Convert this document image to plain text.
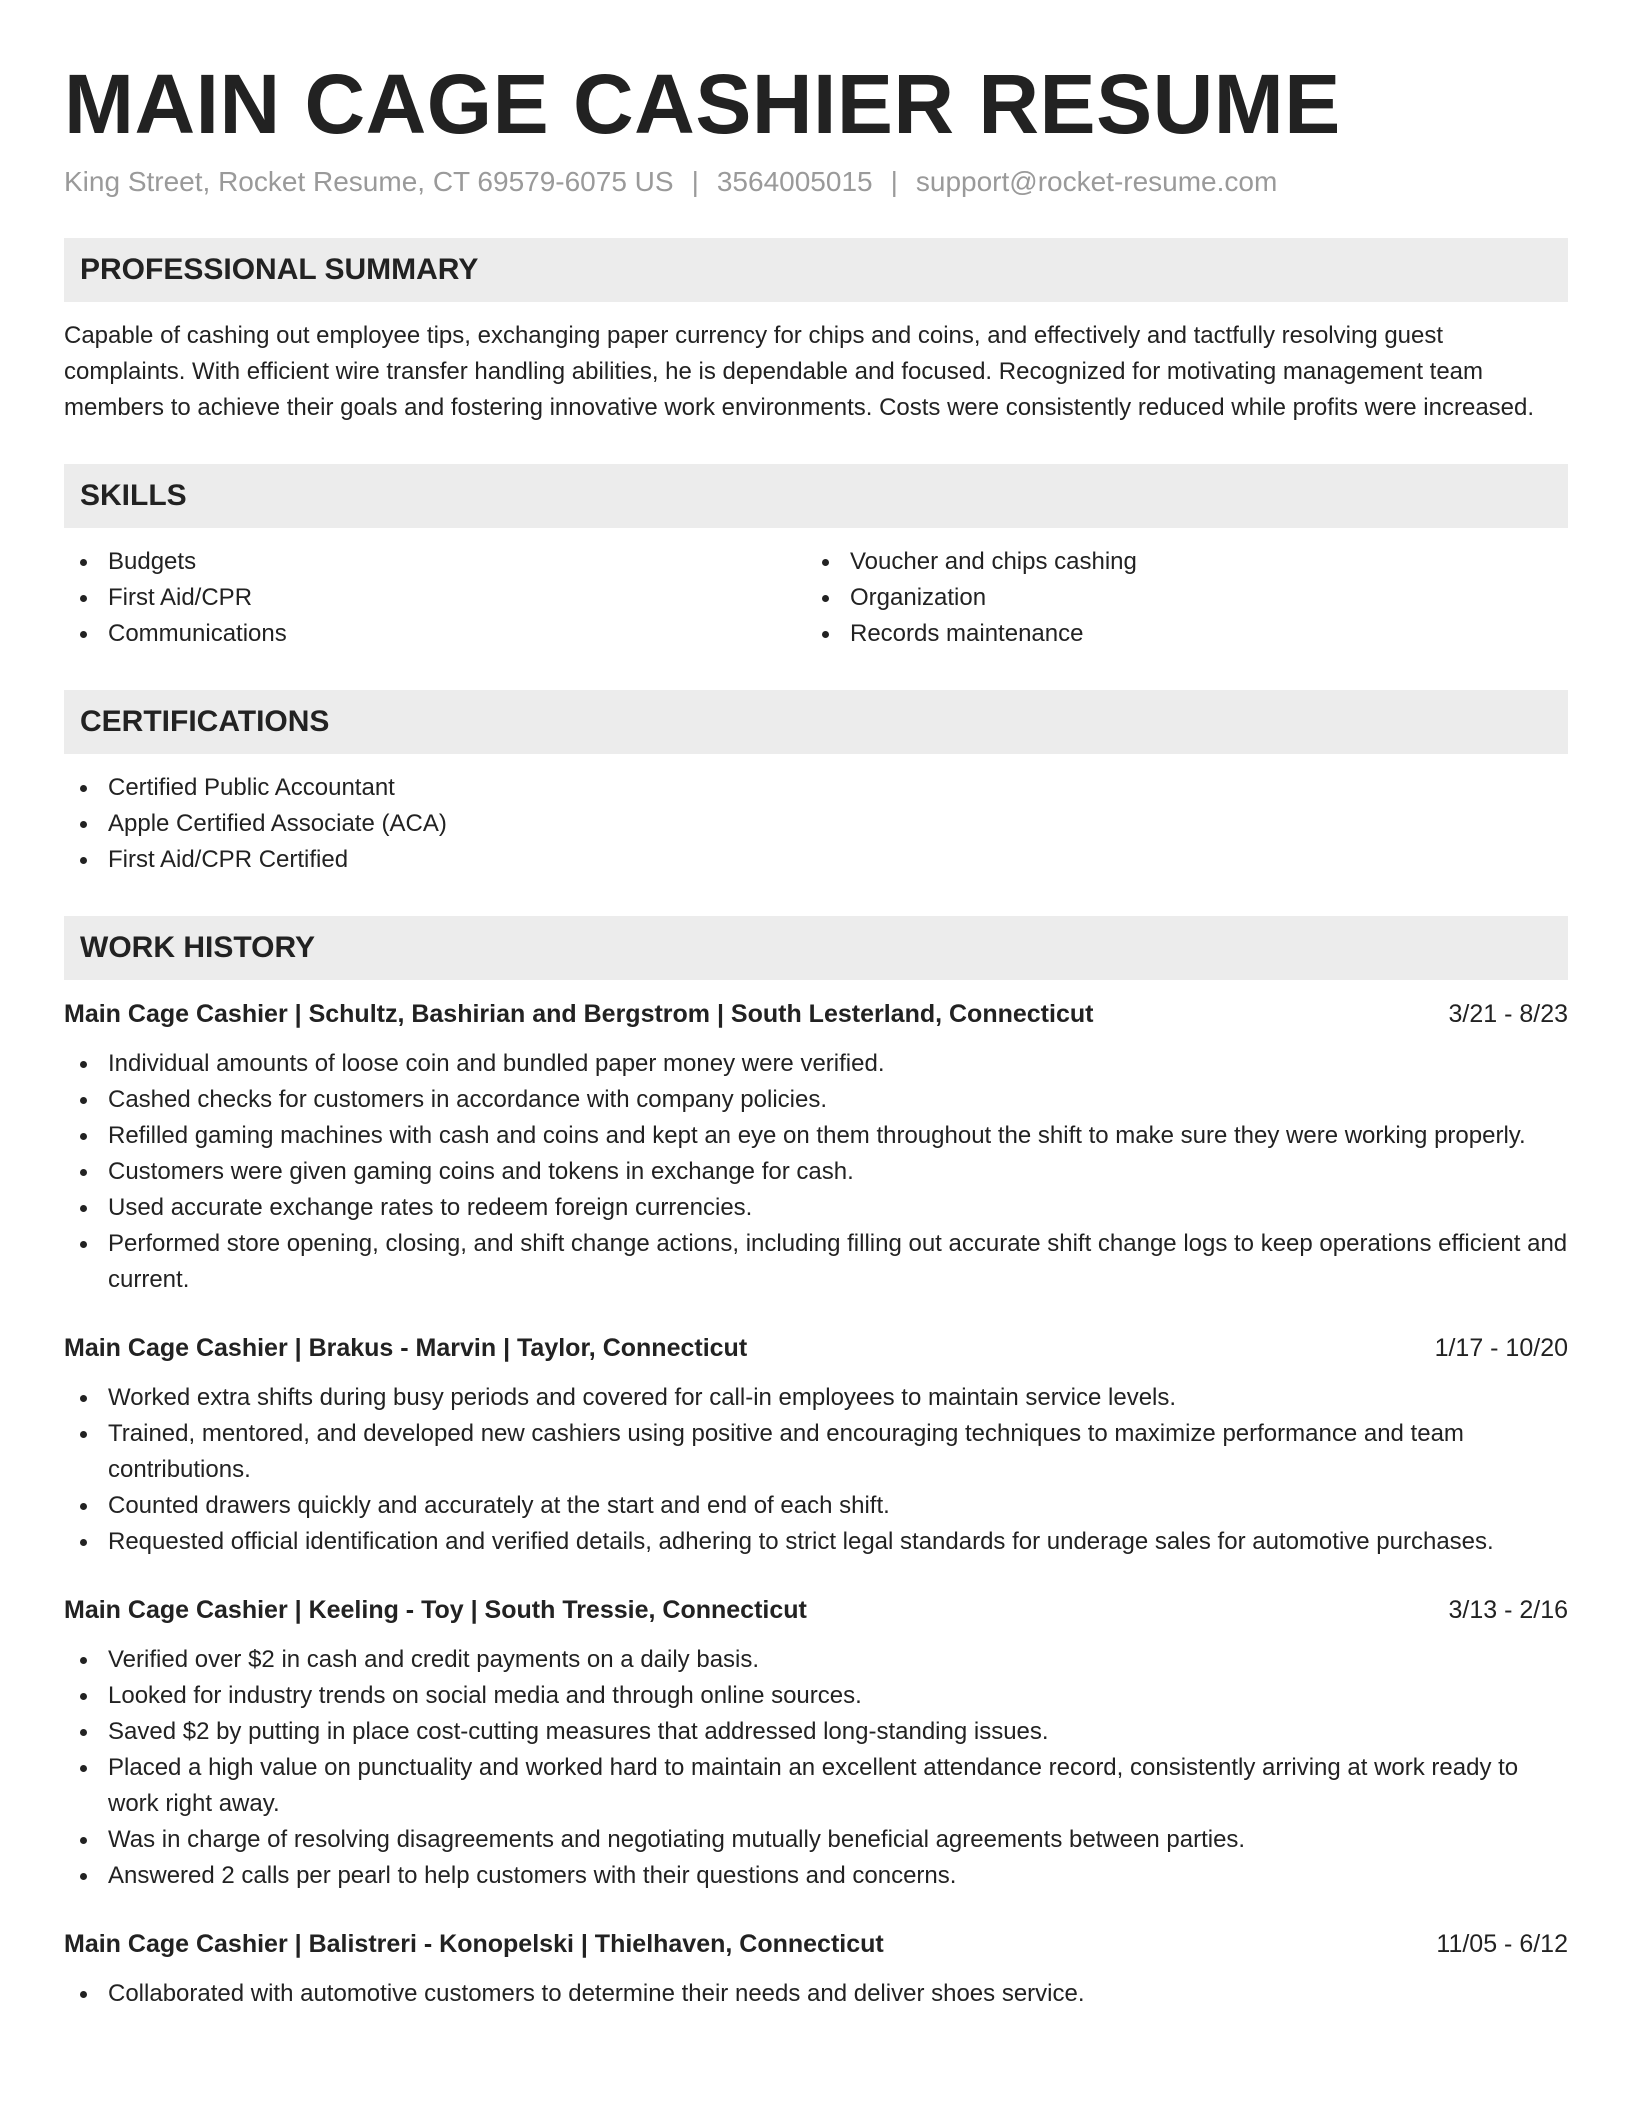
MAIN CAGE CASHIER RESUME
King Street, Rocket Resume, CT 69579-6075 US | 3564005015 | support@rocket-resume.com
PROFESSIONAL SUMMARY

Capable of cashing out employee tips, exchanging paper currency for chips and coins, and effectively and tactfully resolving guest complaints. With efficient wire transfer handling abilities, he is dependable and focused. Recognized for motivating management team members to achieve their goals and fostering innovative work environments. Costs were consistently reduced while profits were increased.

SKILLS
Budgets
First Aid/CPR
Communications
Voucher and chips cashing
Organization
Records maintenance
CERTIFICATIONS
Certified Public Accountant
Apple Certified Associate (ACA)
First Aid/CPR Certified
WORK HISTORY
Main Cage Cashier | Schultz, Bashirian and Bergstrom | South Lesterland, Connecticut	3/21 - 8/23
Individual amounts of loose coin and bundled paper money were verified.
Cashed checks for customers in accordance with company policies.
Refilled gaming machines with cash and coins and kept an eye on them throughout the shift to make sure they were working properly.
Customers were given gaming coins and tokens in exchange for cash.
Used accurate exchange rates to redeem foreign currencies.
Performed store opening, closing, and shift change actions, including filling out accurate shift change logs to keep operations efficient and current.
Main Cage Cashier | Brakus - Marvin | Taylor, Connecticut	1/17 - 10/20
Worked extra shifts during busy periods and covered for call-in employees to maintain service levels.
Trained, mentored, and developed new cashiers using positive and encouraging techniques to maximize performance and team contributions.
Counted drawers quickly and accurately at the start and end of each shift.
Requested official identification and verified details, adhering to strict legal standards for underage sales for automotive purchases.
Main Cage Cashier | Keeling - Toy | South Tressie, Connecticut	3/13 - 2/16
Verified over $2 in cash and credit payments on a daily basis.
Looked for industry trends on social media and through online sources.
Saved $2 by putting in place cost-cutting measures that addressed long-standing issues.
Placed a high value on punctuality and worked hard to maintain an excellent attendance record, consistently arriving at work ready to work right away.
Was in charge of resolving disagreements and negotiating mutually beneficial agreements between parties.
Answered 2 calls per pearl to help customers with their questions and concerns.
Main Cage Cashier | Balistreri - Konopelski | Thielhaven, Connecticut	11/05 - 6/12
Collaborated with automotive customers to determine their needs and deliver shoes service.
